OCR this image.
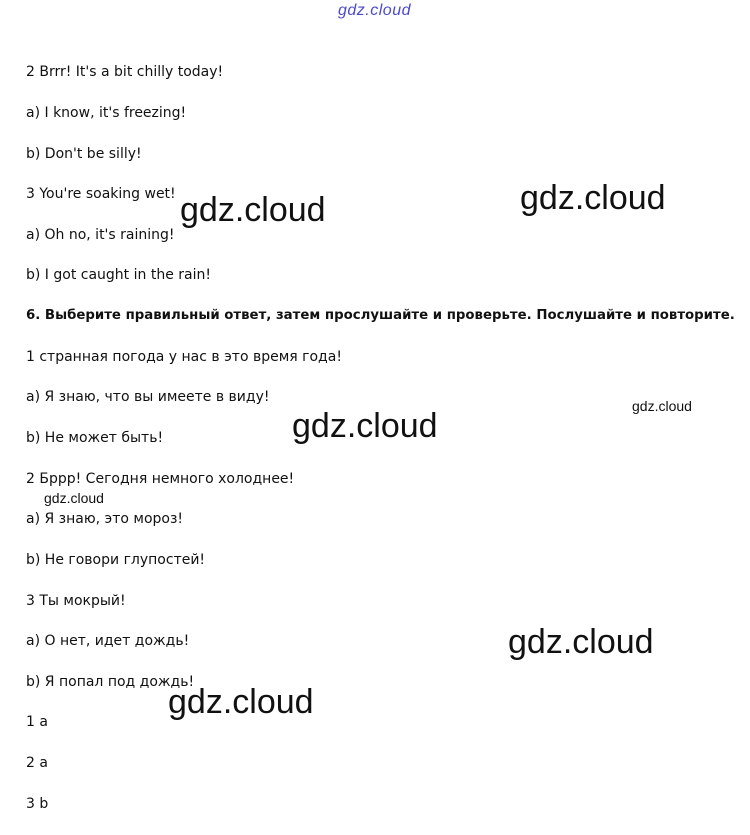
gdz.cloud
2 Brrr! It's a bit chilly today!
a) I know, it's freezing!
b) Don't be silly!
3 You're soaking wet!
a) Oh no, it's raining!
b) I got caught in the rain!
6. Выберите правильный ответ, затем прослушайте и проверьте. Послушайте и повторите.
1 странная погода у нас в это время года!
a) Я знаю, что вы имеете в виду!
b) Не может быть!
2 Бррр! Сегодня немного холоднее!
a) Я знаю, это мороз!
b) Не говори глупостей!
3 Ты мокрый!
a) О нет, идет дождь!
b) Я попал под дождь!
1 a
2 a
3 b
gdz.cloud	gdz.cloud
gdz.cloud
gdz.cloud
gdz.cloud
gdz.cloud
gdz.cloud
